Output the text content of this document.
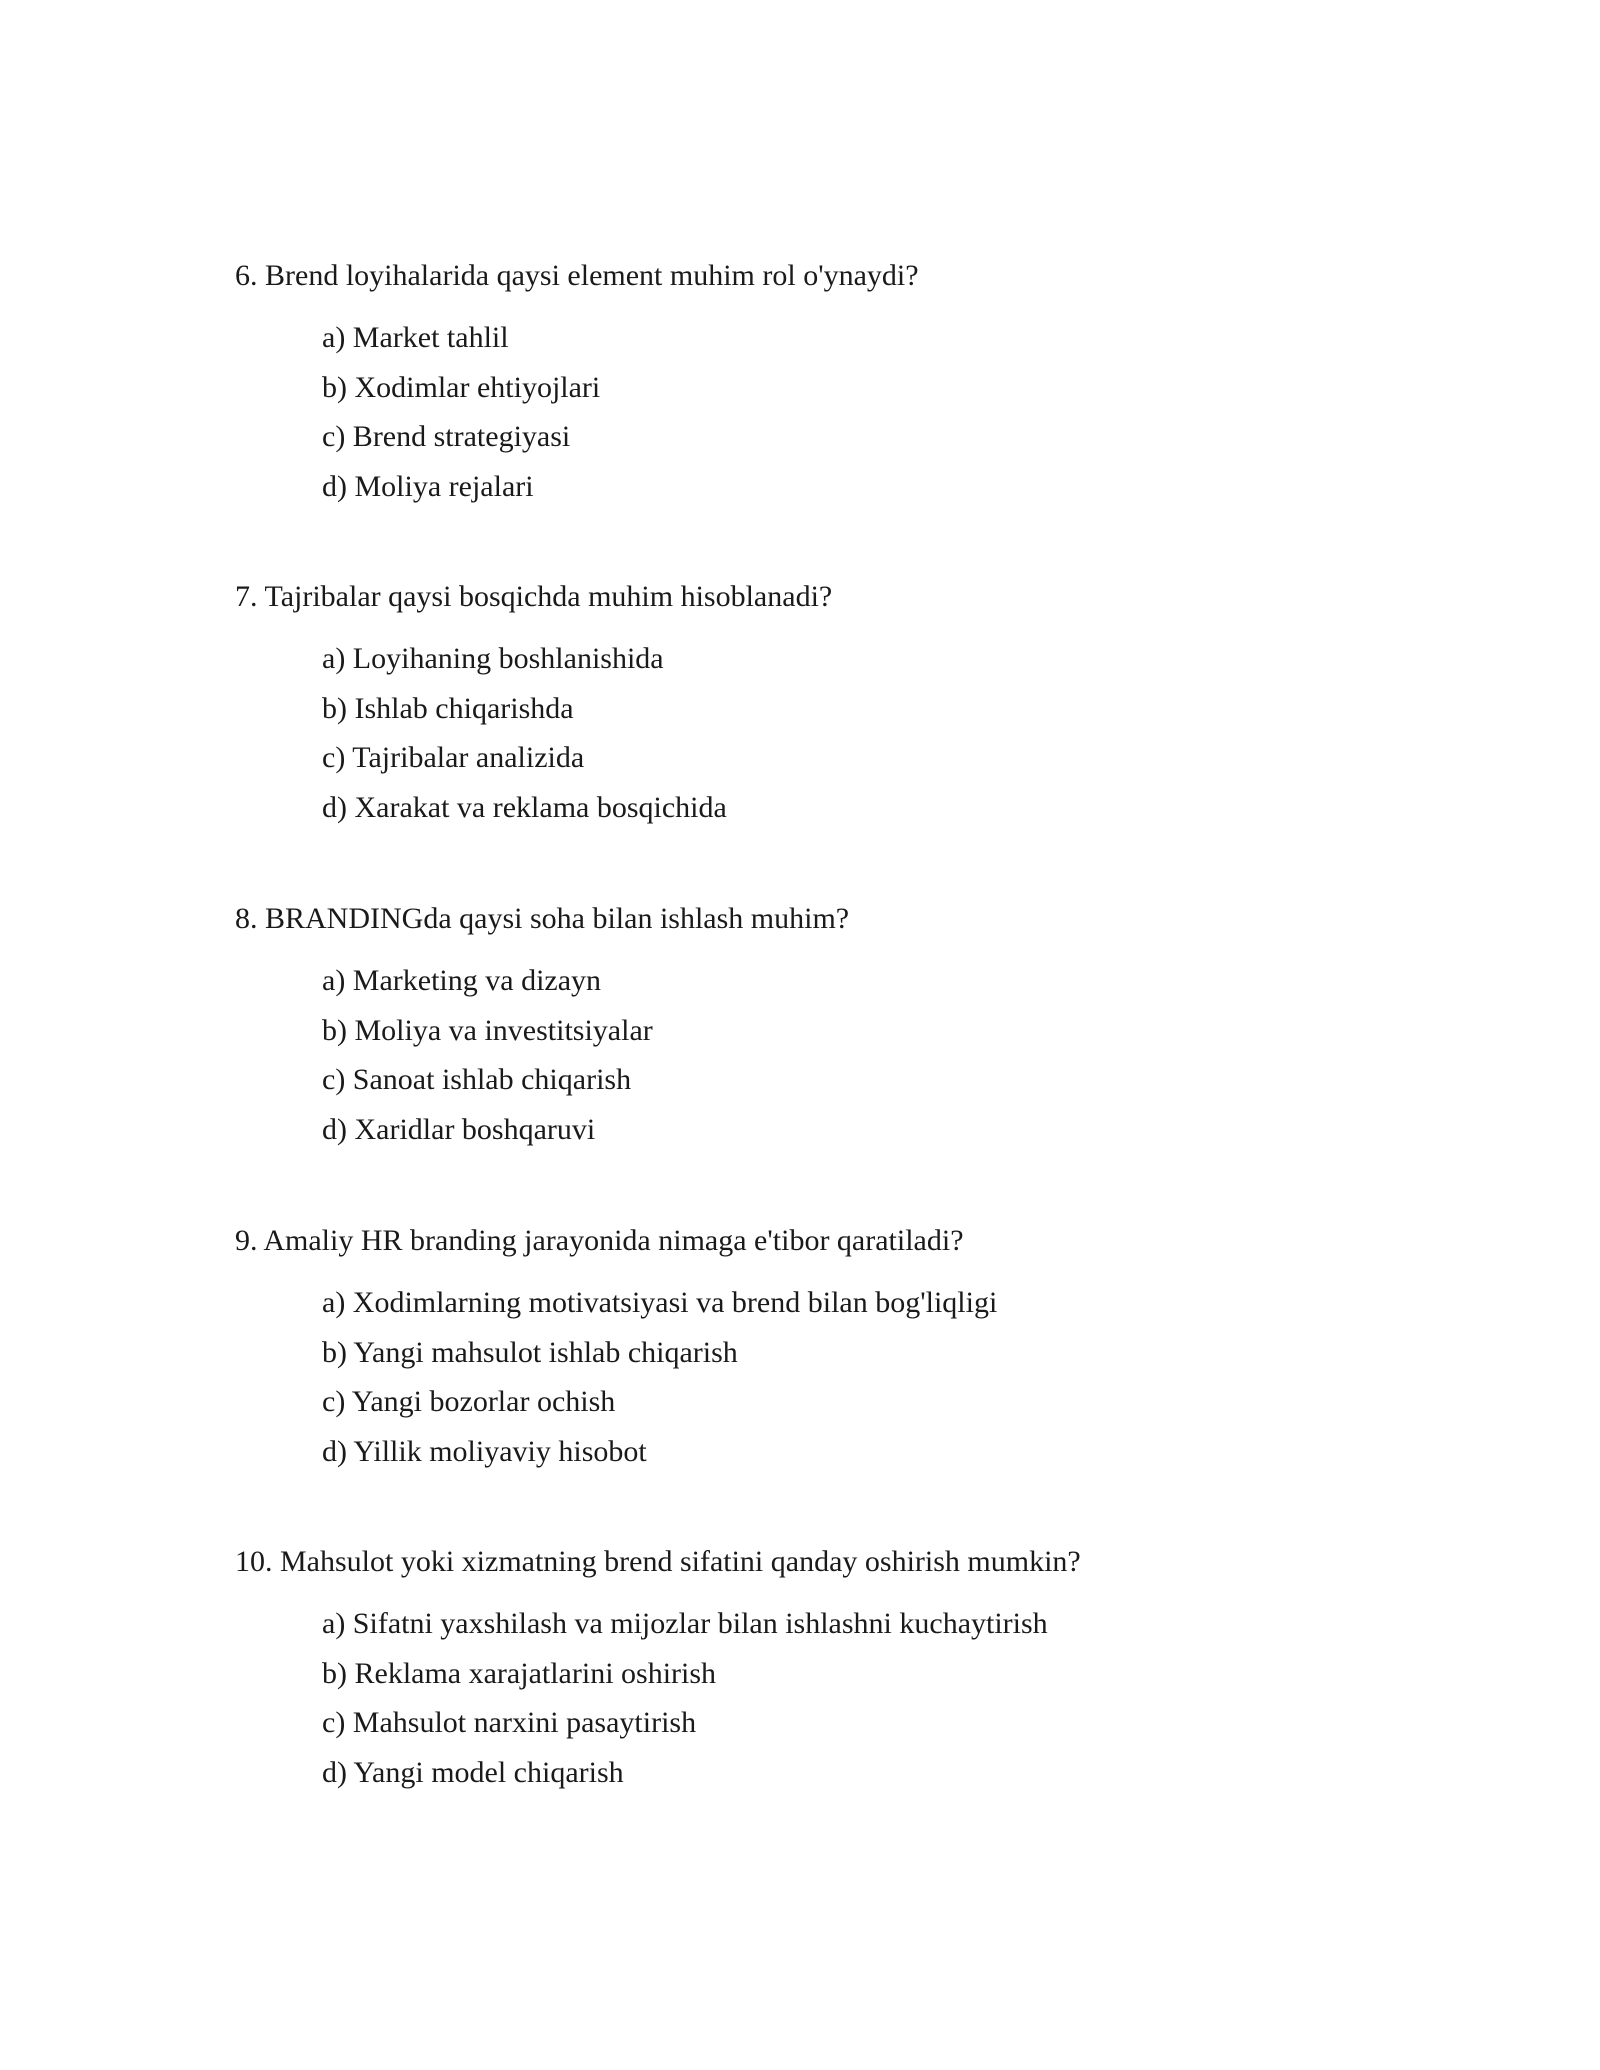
6. Brend loyihalarida qaysi element muhim rol o'ynaydi?

a) Market tahlil
b) Xodimlar ehtiyojlari
c) Brend strategiyasi
d) Moliya rejalari

7. Tajribalar qaysi bosqichda muhim hisoblanadi?

a) Loyihaning boshlanishida
b) Ishlab chiqarishda
c) Tajribalar analizida
d) Xarakat va reklama bosqichida

8. BRANDINGda qaysi soha bilan ishlash muhim?

a) Marketing va dizayn
b) Moliya va investitsiyalar
c) Sanoat ishlab chiqarish
d) Xaridlar boshqaruvi

9. Amaliy HR branding jarayonida nimaga e'tibor qaratiladi?

a) Xodimlarning motivatsiyasi va brend bilan bog'liqligi
b) Yangi mahsulot ishlab chiqarish
c) Yangi bozorlar ochish
d) Yillik moliyaviy hisobot

10. Mahsulot yoki xizmatning brend sifatini qanday oshirish mumkin?

a) Sifatni yaxshilash va mijozlar bilan ishlashni kuchaytirish
b) Reklama xarajatlarini oshirish
c) Mahsulot narxini pasaytirish
d) Yangi model chiqarish
